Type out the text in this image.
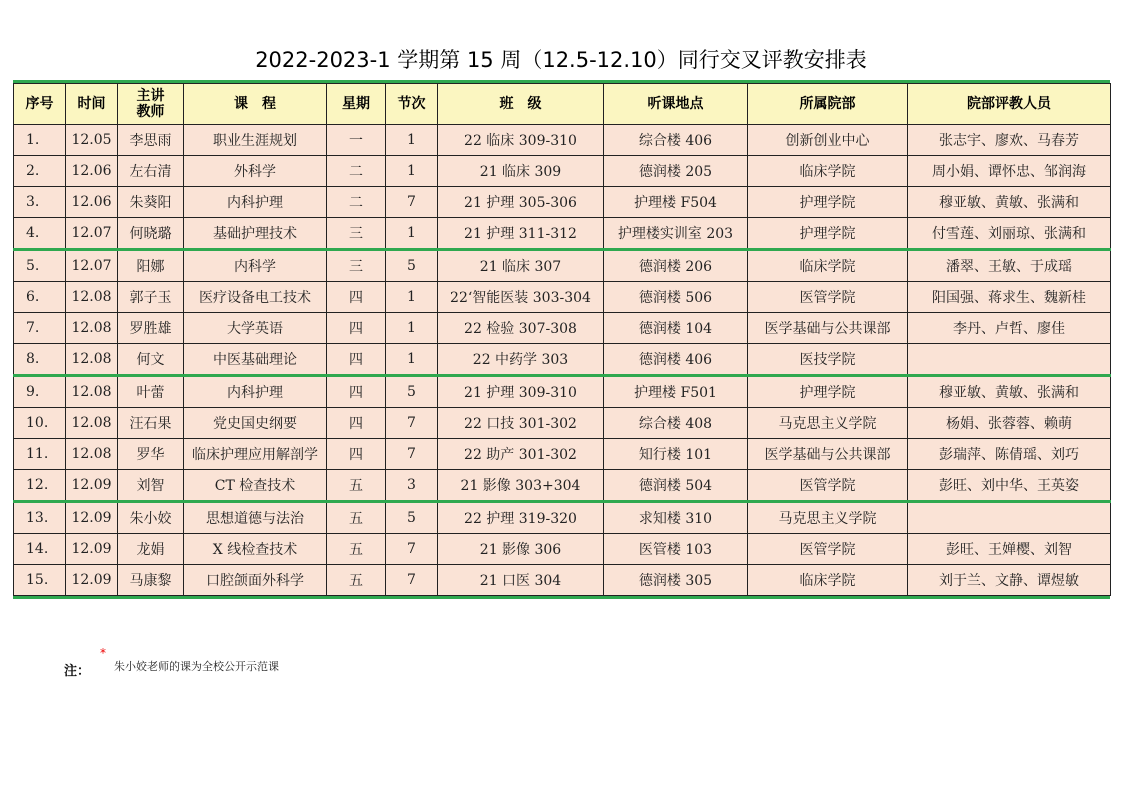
2022-2023-1 学期第 15 周（12.5-12.10）同行交叉评教安排表
序号	时间	主讲
教师	课　程	星期	节次	班　级	听课地点	所属院部	院部评教人员
1.	12.05	李思雨	职业生涯规划	一	1	22 临床 309-310	综合楼 406	创新创业中心	张志宇、廖欢、马春芳
2.	12.06	左右清	外科学	二	1	21 临床 309	德润楼 205	临床学院	周小娟、谭怀忠、邹润海
3.	12.06	朱葵阳	内科护理	二	7	21 护理 305-306	护理楼 F504	护理学院	穆亚敏、黄敏、张满和
4.	12.07	何晓璐	基础护理技术	三	1	21 护理 311-312	护理楼实训室 203	护理学院	付雪莲、刘丽琼、张满和
5.	12.07	阳娜	内科学	三	5	21 临床 307	德润楼 206	临床学院	潘翠、王敏、于成瑶
6.	12.08	郭子玉	医疗设备电工技术	四	1	22‘智能医装 303-304	德润楼 506	医管学院	阳国强、蒋求生、魏新桂
7.	12.08	罗胜雄	大学英语	四	1	22 检验 307-308	德润楼 104	医学基础与公共课部	李丹、卢哲、廖佳
8.	12.08	何文	中医基础理论	四	1	22 中药学 303	德润楼 406	医技学院	
9.	12.08	叶蕾	内科护理	四	5	21 护理 309-310	护理楼 F501	护理学院	穆亚敏、黄敏、张满和
10.	12.08	汪石果	党史国史纲要	四	7	22 口技 301-302	综合楼 408	马克思主义学院	杨娟、张蓉蓉、赖萌
11.	12.08	罗华	临床护理应用解剖学	四	7	22 助产 301-302	知行楼 101	医学基础与公共课部	彭瑞萍、陈倩瑶、刘巧
12.	12.09	刘智	CT 检查技术	五	3	21 影像 303+304	德润楼 504	医管学院	彭旺、刘中华、王英姿
13.	12.09	朱小姣	思想道德与法治	五	5	22 护理 319-320	求知楼 310	马克思主义学院	
14.	12.09	龙娟	X 线检查技术	五	7	21 影像 306	医管楼 103	医管学院	彭旺、王婵樱、刘智
15.	12.09	马康黎	口腔颌面外科学	五	7	21 口医 304	德润楼 305	临床学院	刘于兰、文静、谭煜敏
注：
*
朱小姣老师的课为全校公开示范课
